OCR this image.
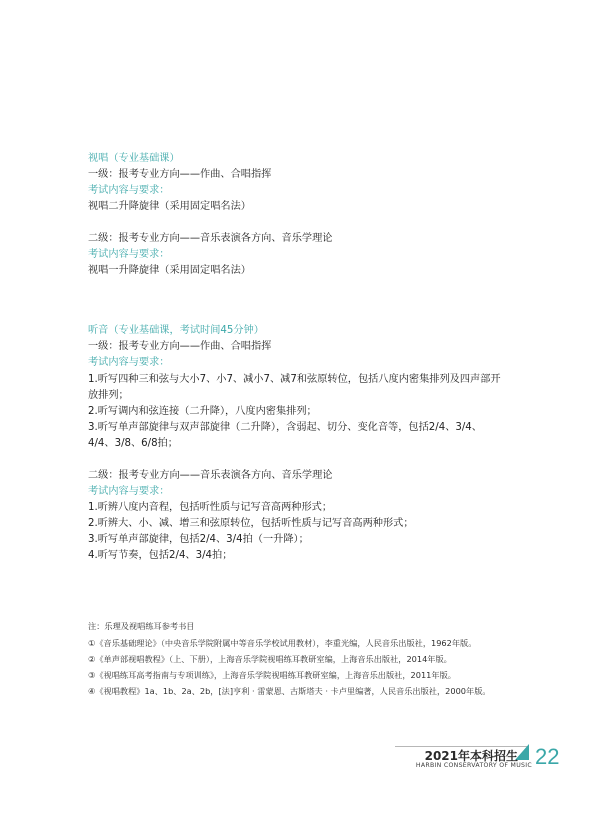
视唱（专业基础课）
一级：报考专业方向——作曲、合唱指挥
考试内容与要求：
视唱二升降旋律（采用固定唱名法）
二级：报考专业方向——音乐表演各方向、音乐学理论
考试内容与要求：
视唱一升降旋律（采用固定唱名法）
听音（专业基础课，考试时间45分钟）
一级：报考专业方向——作曲、合唱指挥
考试内容与要求：
1.听写四种三和弦与大小7、小7、减小7、减7和弦原转位，包括八度内密集排列及四声部开
放排列；
2.听写调内和弦连接（二升降），八度内密集排列；
3.听写单声部旋律与双声部旋律（二升降），含弱起、切分、变化音等，包括2/4、3/4、
4/4、3/8、6/8拍；
二级：报考专业方向——音乐表演各方向、音乐学理论
考试内容与要求：
1.听辨八度内音程，包括听性质与记写音高两种形式；
2.听辨大、小、减、增三和弦原转位，包括听性质与记写音高两种形式；
3.听写单声部旋律，包括2/4、3/4拍（一升降）；
4.听写节奏，包括2/4、3/4拍；
注：乐理及视唱练耳参考书目
①《音乐基础理论》（中央音乐学院附属中等音乐学校试用教材），李重光编，人民音乐出版社，1962年版。
②《单声部视唱教程》（上、下册），上海音乐学院视唱练耳教研室编，上海音乐出版社，2014年版。
③《视唱练耳高考指南与专项训练》，上海音乐学院视唱练耳教研室编，上海音乐出版社，2011年版。
④《视唱教程》1a、1b、2a、2b，[法]亨利 · 雷蒙恩、古斯塔夫 · 卡卢里编著，人民音乐出版社，2000年版。
2021年本科招生
HARBIN CONSERVATORY OF MUSIC 22
